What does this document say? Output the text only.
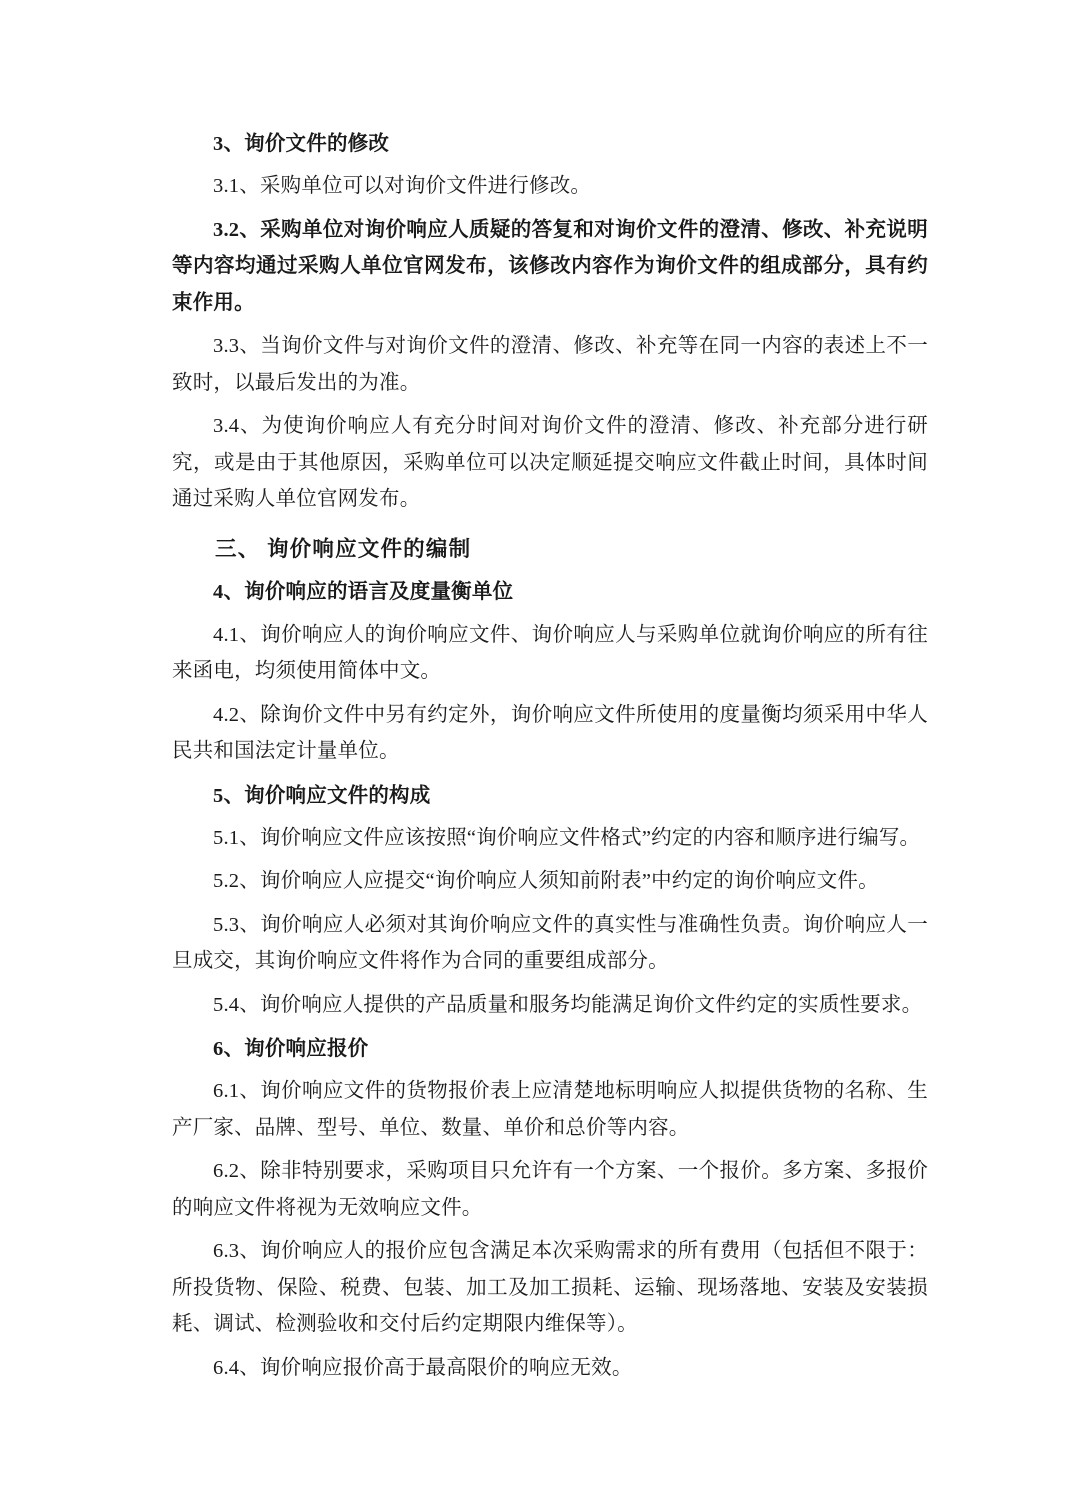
3、询价文件的修改

3.1、采购单位可以对询价文件进行修改。

3.2、采购单位对询价响应人质疑的答复和对询价文件的澄清、修改、补充说明等内容均通过采购人单位官网发布，该修改内容作为询价文件的组成部分，具有约束作用。

3.3、当询价文件与对询价文件的澄清、修改、补充等在同一内容的表述上不一致时，以最后发出的为准。

3.4、为使询价响应人有充分时间对询价文件的澄清、修改、补充部分进行研究，或是由于其他原因，采购单位可以决定顺延提交响应文件截止时间，具体时间通过采购人单位官网发布。

三、 询价响应文件的编制

4、询价响应的语言及度量衡单位

4.1、询价响应人的询价响应文件、询价响应人与采购单位就询价响应的所有往来函电，均须使用简体中文。

4.2、除询价文件中另有约定外，询价响应文件所使用的度量衡均须采用中华人民共和国法定计量单位。

5、询价响应文件的构成

5.1、询价响应文件应该按照“询价响应文件格式”约定的内容和顺序进行编写。

5.2、询价响应人应提交“询价响应人须知前附表”中约定的询价响应文件。

5.3、询价响应人必须对其询价响应文件的真实性与准确性负责。询价响应人一旦成交，其询价响应文件将作为合同的重要组成部分。

5.4、询价响应人提供的产品质量和服务均能满足询价文件约定的实质性要求。

6、询价响应报价

6.1、询价响应文件的货物报价表上应清楚地标明响应人拟提供货物的名称、生产厂家、品牌、型号、单位、数量、单价和总价等内容。

6.2、除非特别要求，采购项目只允许有一个方案、一个报价。多方案、多报价的响应文件将视为无效响应文件。

6.3、询价响应人的报价应包含满足本次采购需求的所有费用（包括但不限于：所投货物、保险、税费、包装、加工及加工损耗、运输、现场落地、安装及安装损耗、调试、检测验收和交付后约定期限内维保等）。

6.4、询价响应报价高于最高限价的响应无效。
